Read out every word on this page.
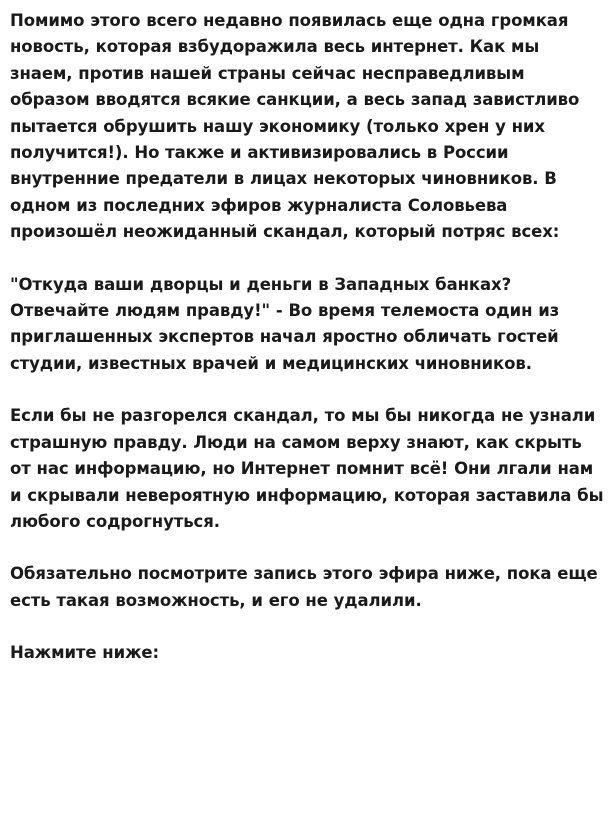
Помимо этого всего недавно появилась еще одна громкая новость, которая взбудоражила весь интернет. Как мы знаем, против нашей страны сейчас несправедливым образом вводятся всякие санкции, а весь запад завистливо пытается обрушить нашу экономику (только хрен у них получится!). Но также и активизировались в России внутренние предатели в лицах некоторых чиновников. В одном из последних эфиров журналиста Соловьева произошёл неожиданный скандал, который потряс всех:

"Откуда ваши дворцы и деньги в Западных банках? Отвечайте людям правду!" - Во время телемоста один из приглашенных экспертов начал яростно обличать гостей студии, известных врачей и медицинских чиновников.

Если бы не разгорелся скандал, то мы бы никогда не узнали страшную правду. Люди на самом верху знают, как скрыть от нас информацию, но Интернет помнит всё! Они лгали нам и скрывали невероятную информацию, которая заставила бы любого содрогнуться.

Обязательно посмотрите запись этого эфира ниже, пока еще есть такая возможность, и его не удалили.

Нажмите ниже:
